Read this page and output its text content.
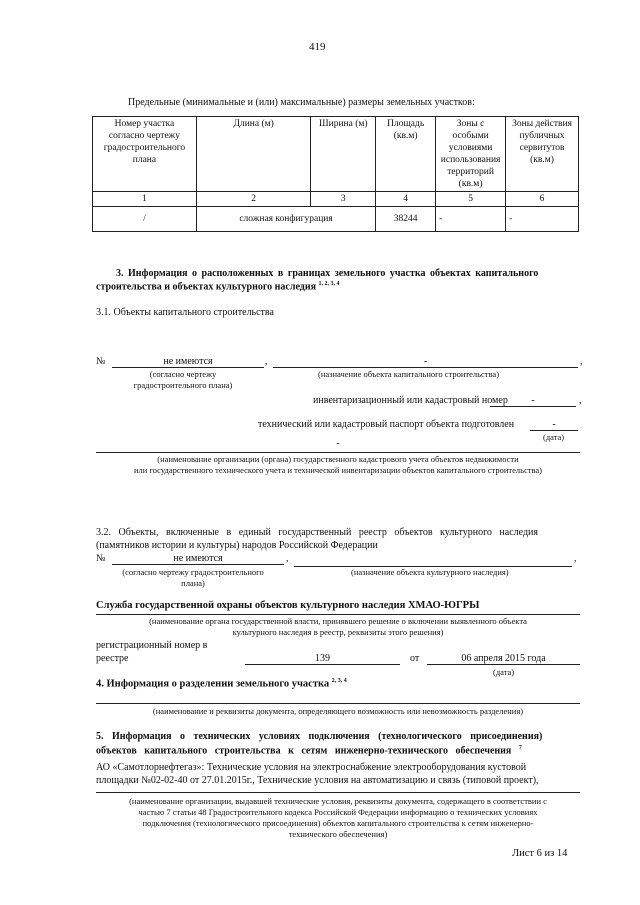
419
Предельные (минимальные и (или) максимальные) размеры земельных участков:
Номер участка согласно чертежу градостроительного плана	Длина (м)	Ширина (м)	Площадь (кв.м)	Зоны с особыми условиями использования территорий (кв.м)	Зоны действия публичных сервитутов (кв.м)
1	2	3	4	5	6
/	сложная конфигурация		38244	-	-
3. Информация о расположенных в границах земельного участка объектах капитального
строительства и объектах культурного наследия $^{1, 2, 3, 4}$
3.1. Объекты капитального строительства
№	не имеются	,	-	,
(согласно чертежу градостроительного плана)
(назначение объекта капитального строительства)
инвентаризационный или кадастровый номер	-	,
технический или кадастровый паспорт объекта подготовлен	-
(дата)
-
(наименование организации (органа) государственного кадастрового учета объектов недвижимости
или государственного технического учета и технической инвентаризации объектов капитального строительства)
3.2. Объекты, включенные в единый государственный реестр объектов культурного наследия
(памятников истории и культуры) народов Российской Федерации
№	не имеются	,	,
(согласно чертежу градостроительного плана)
(назначение объекта культурного наследия)
Служба государственной охраны объектов культурного наследия ХМАО-ЮГРЫ
(наименование органа государственной власти, принявшего решение о включении выявленного объекта
культурного наследия в реестр, реквизиты этого решения)
регистрационный номер в
реестре	139	от	06 апреля 2015 года
(дата)
4. Информация о разделении земельного участка $^{2, 3, 4}$
(наименование и реквизиты документа, определяющего возможность или невозможность разделения)
5. Информация о технических условиях подключения (технологического присоединения)
объектов капитального строительства к сетям инженерно-технического обеспечения $^7$
АО «Самотлорнефтегаз»: Технические условия на электроснабжение электрооборудования кустовой
площадки №02-02-40 от 27.01.2015г., Технические условия на автоматизацию и связь (типовой проект),
(наименование организации, выдавшей технические условия, реквизиты документа, содержащего в соответствии с
частью 7 статьи 48 Градостроительного кодекса Российской Федерации информацию о технических условиях
подключения (технологического присоединения) объектов капитального строительства к сетям инженерно-
технического обеспечения)
Лист 6 из 14
